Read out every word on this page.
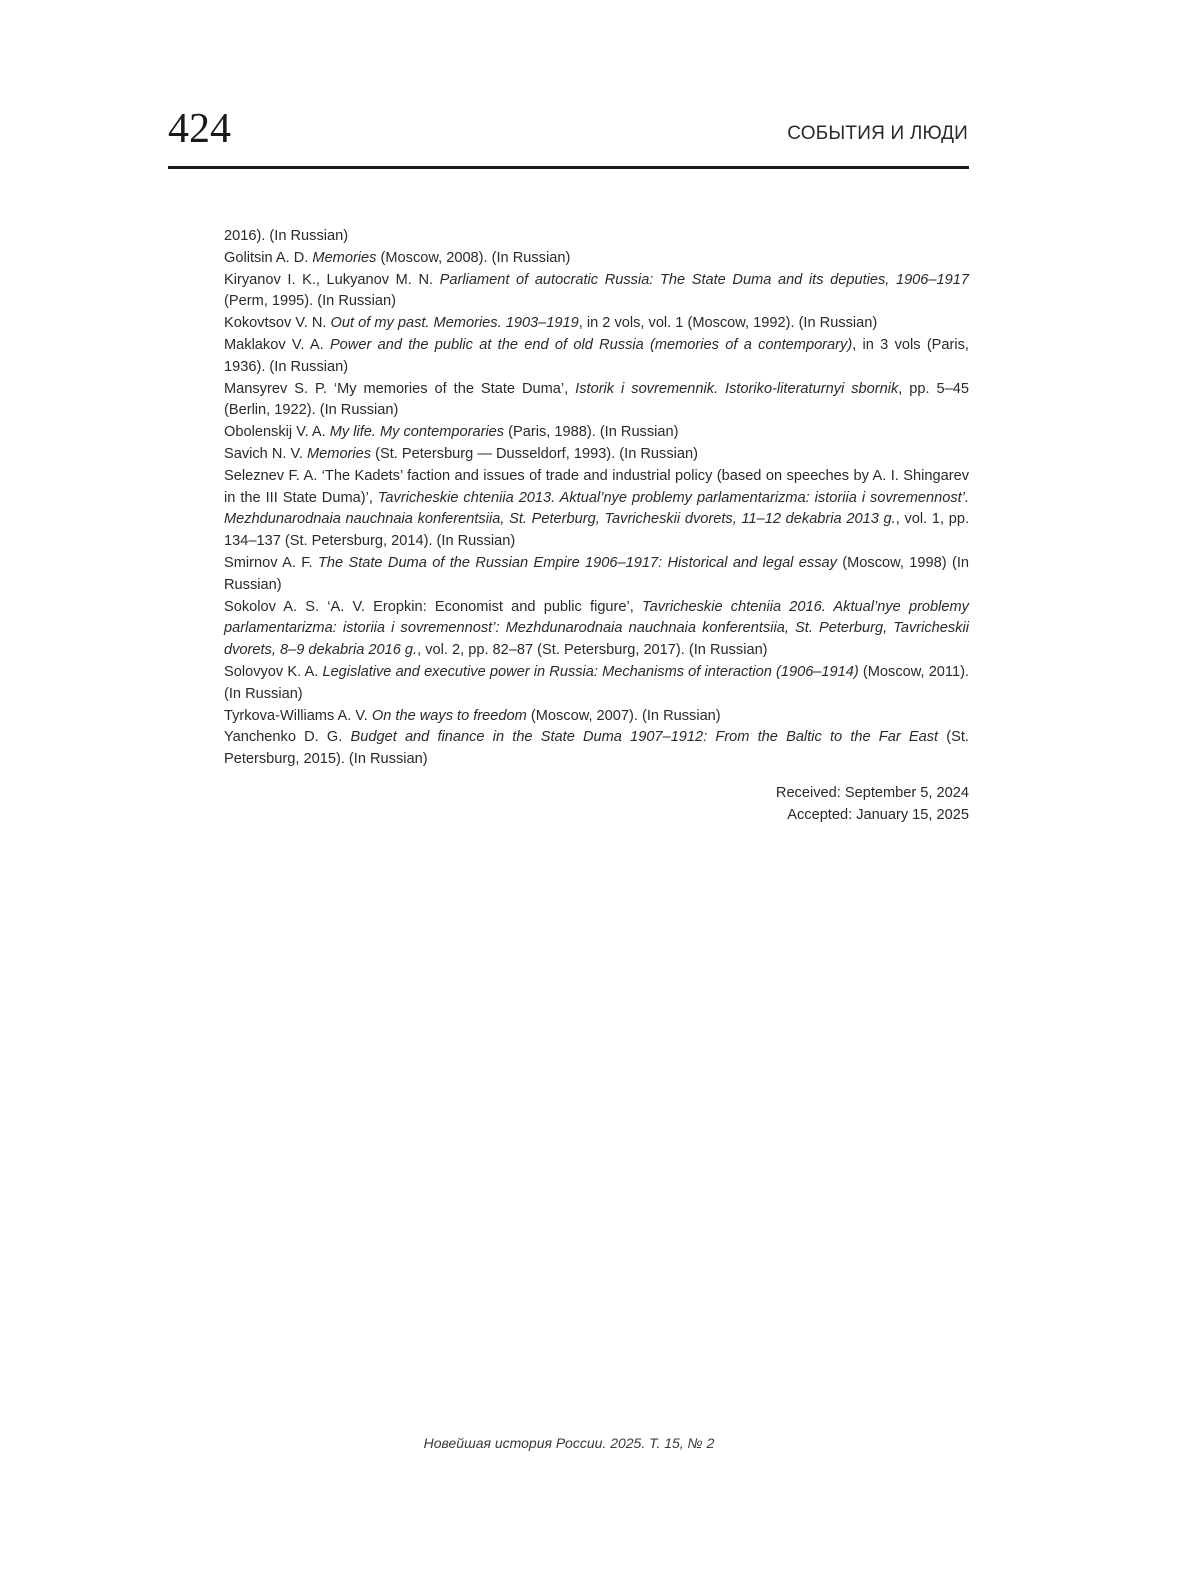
424	СОБЫТИЯ И ЛЮДИ

2016). (In Russian)

Golitsin A. D. Memories (Moscow, 2008). (In Russian)

Kiryanov I. K., Lukyanov M. N. Parliament of autocratic Russia: The State Duma and its deputies, 1906–1917 (Perm, 1995). (In Russian)

Kokovtsov V. N. Out of my past. Memories. 1903–1919, in 2 vols, vol. 1 (Moscow, 1992). (In Russian)

Maklakov V. A. Power and the public at the end of old Russia (memories of a contemporary), in 3 vols (Paris, 1936). (In Russian)

Mansyrev S. P. ‘My memories of the State Duma’, Istorik i sovremennik. Istoriko-literaturnyi sbornik, pp. 5–45 (Berlin, 1922). (In Russian)

Obolenskij V. A. My life. My contemporaries (Paris, 1988). (In Russian)

Savich N. V. Memories (St. Petersburg — Dusseldorf, 1993). (In Russian)

Seleznev F. A. ‘The Kadets’ faction and issues of trade and industrial policy (based on speeches by A. I. Shingarev in the III State Duma)’, Tavricheskie chteniia 2013. Aktual’nye problemy parlamentarizma: istoriia i sovremennost’. Mezhdunarodnaia nauchnaia konferentsiia, St. Peterburg, Tavricheskii dvorets, 11–12 dekabria 2013 g., vol. 1, pp. 134–137 (St. Petersburg, 2014). (In Russian)

Smirnov A. F. The State Duma of the Russian Empire 1906–1917: Historical and legal essay (Moscow, 1998) (In Russian)

Sokolov A. S. ‘A. V. Eropkin: Economist and public figure’, Tavricheskie chteniia 2016. Aktual’nye problemy parlamentarizma: istoriia i sovremennost’: Mezhdunarodnaia nauchnaia konferentsiia, St. Peterburg, Tavricheskii dvorets, 8–9 dekabria 2016 g., vol. 2, pp. 82–87 (St. Petersburg, 2017). (In Russian)

Solovyov K. A. Legislative and executive power in Russia: Mechanisms of interaction (1906–1914) (Moscow, 2011). (In Russian)

Tyrkova-Williams A. V. On the ways to freedom (Moscow, 2007). (In Russian)

Yanchenko D. G. Budget and finance in the State Duma 1907–1912: From the Baltic to the Far East (St. Petersburg, 2015). (In Russian)

Received: September 5, 2024
Accepted: January 15, 2025
Новейшая история России. 2025. Т. 15, № 2
